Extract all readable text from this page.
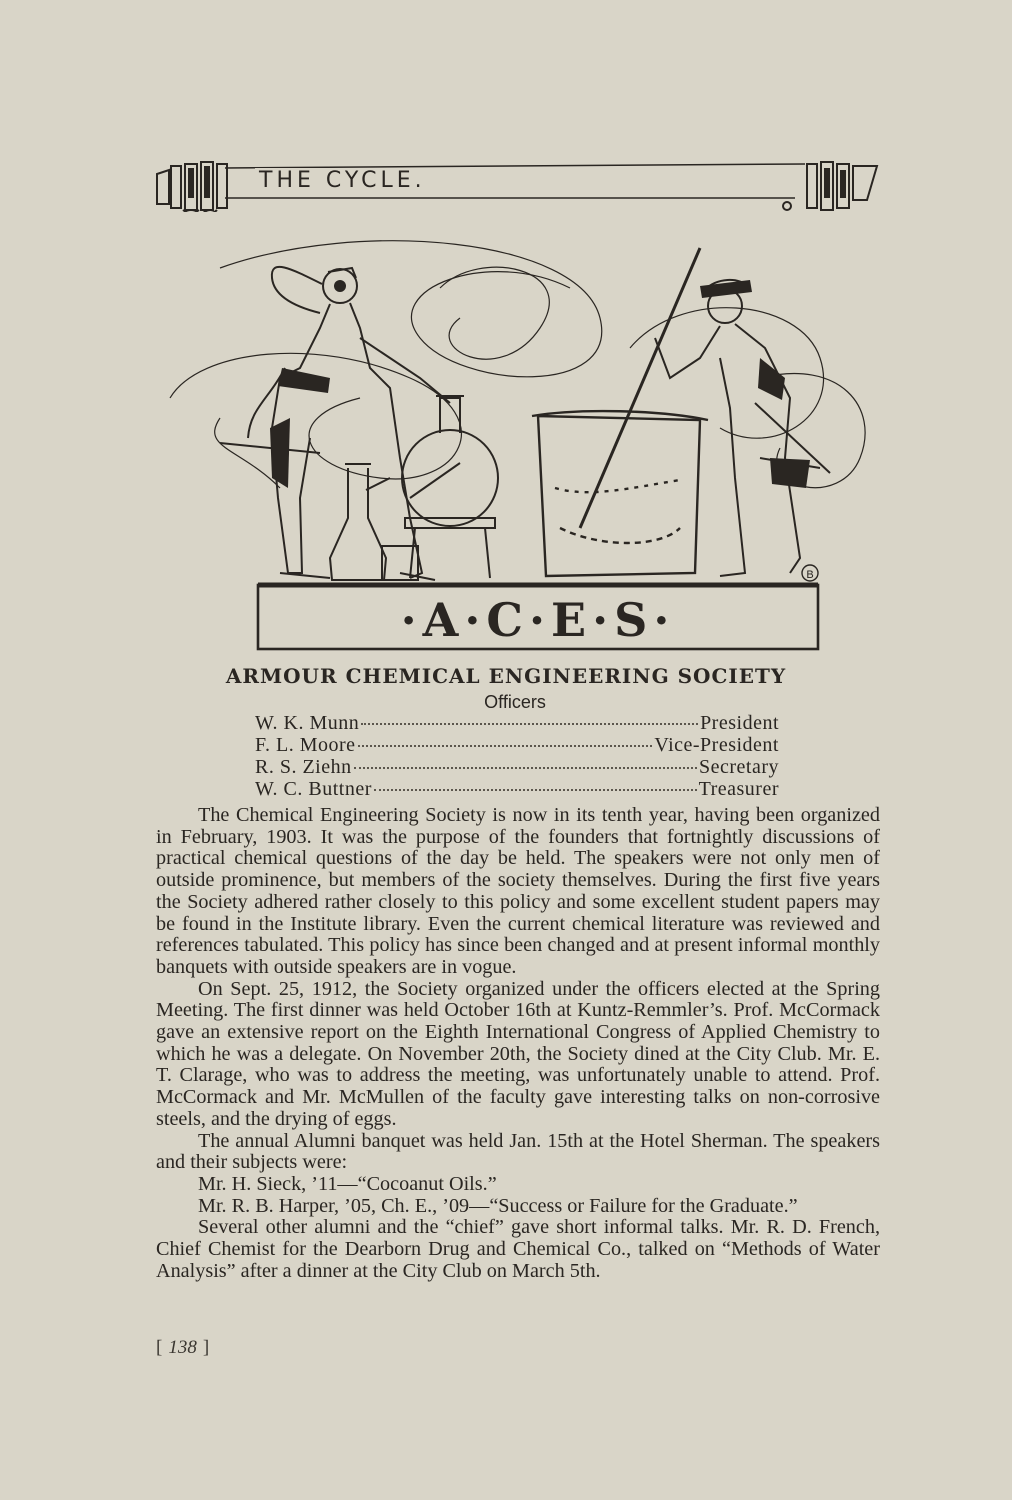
THE CYCLE.
B
·A·C·E·S·
ARMOUR CHEMICAL ENGINEERING SOCIETY
Officers
W. K. Munn	President
F. L. Moore	Vice-President
R. S. Ziehn	Secretary
W. C. Buttner	Treasurer

The Chemical Engineering Society is now in its tenth year, having been organized in February, 1903. It was the purpose of the founders that fortnightly discussions of practical chemical questions of the day be held. The speakers were not only men of outside prominence, but members of the society themselves. During the first five years the Society adhered rather closely to this policy and some excellent student papers may be found in the Institute library. Even the current chemical literature was reviewed and references tabulated. This policy has since been changed and at present informal monthly banquets with outside speakers are in vogue.

On Sept. 25, 1912, the Society organized under the officers elected at the Spring Meeting. The first dinner was held October 16th at Kuntz-Remmler’s. Prof. McCormack gave an extensive report on the Eighth International Congress of Applied Chemistry to which he was a delegate. On November 20th, the Society dined at the City Club. Mr. E. T. Clarage, who was to address the meeting, was unfortunately unable to attend. Prof. McCormack and Mr. McMullen of the faculty gave interesting talks on non-corrosive steels, and the drying of eggs.

The annual Alumni banquet was held Jan. 15th at the Hotel Sherman. The speakers and their subjects were:

Mr. H. Sieck, ’11—“Cocoanut Oils.”

Mr. R. B. Harper, ’05, Ch. E., ’09—“Success or Failure for the Graduate.”

Several other alumni and the “chief” gave short informal talks. Mr. R. D. French, Chief Chemist for the Dearborn Drug and Chemical Co., talked on “Methods of Water Analysis” after a dinner at the City Club on March 5th.

[ 138 ]
